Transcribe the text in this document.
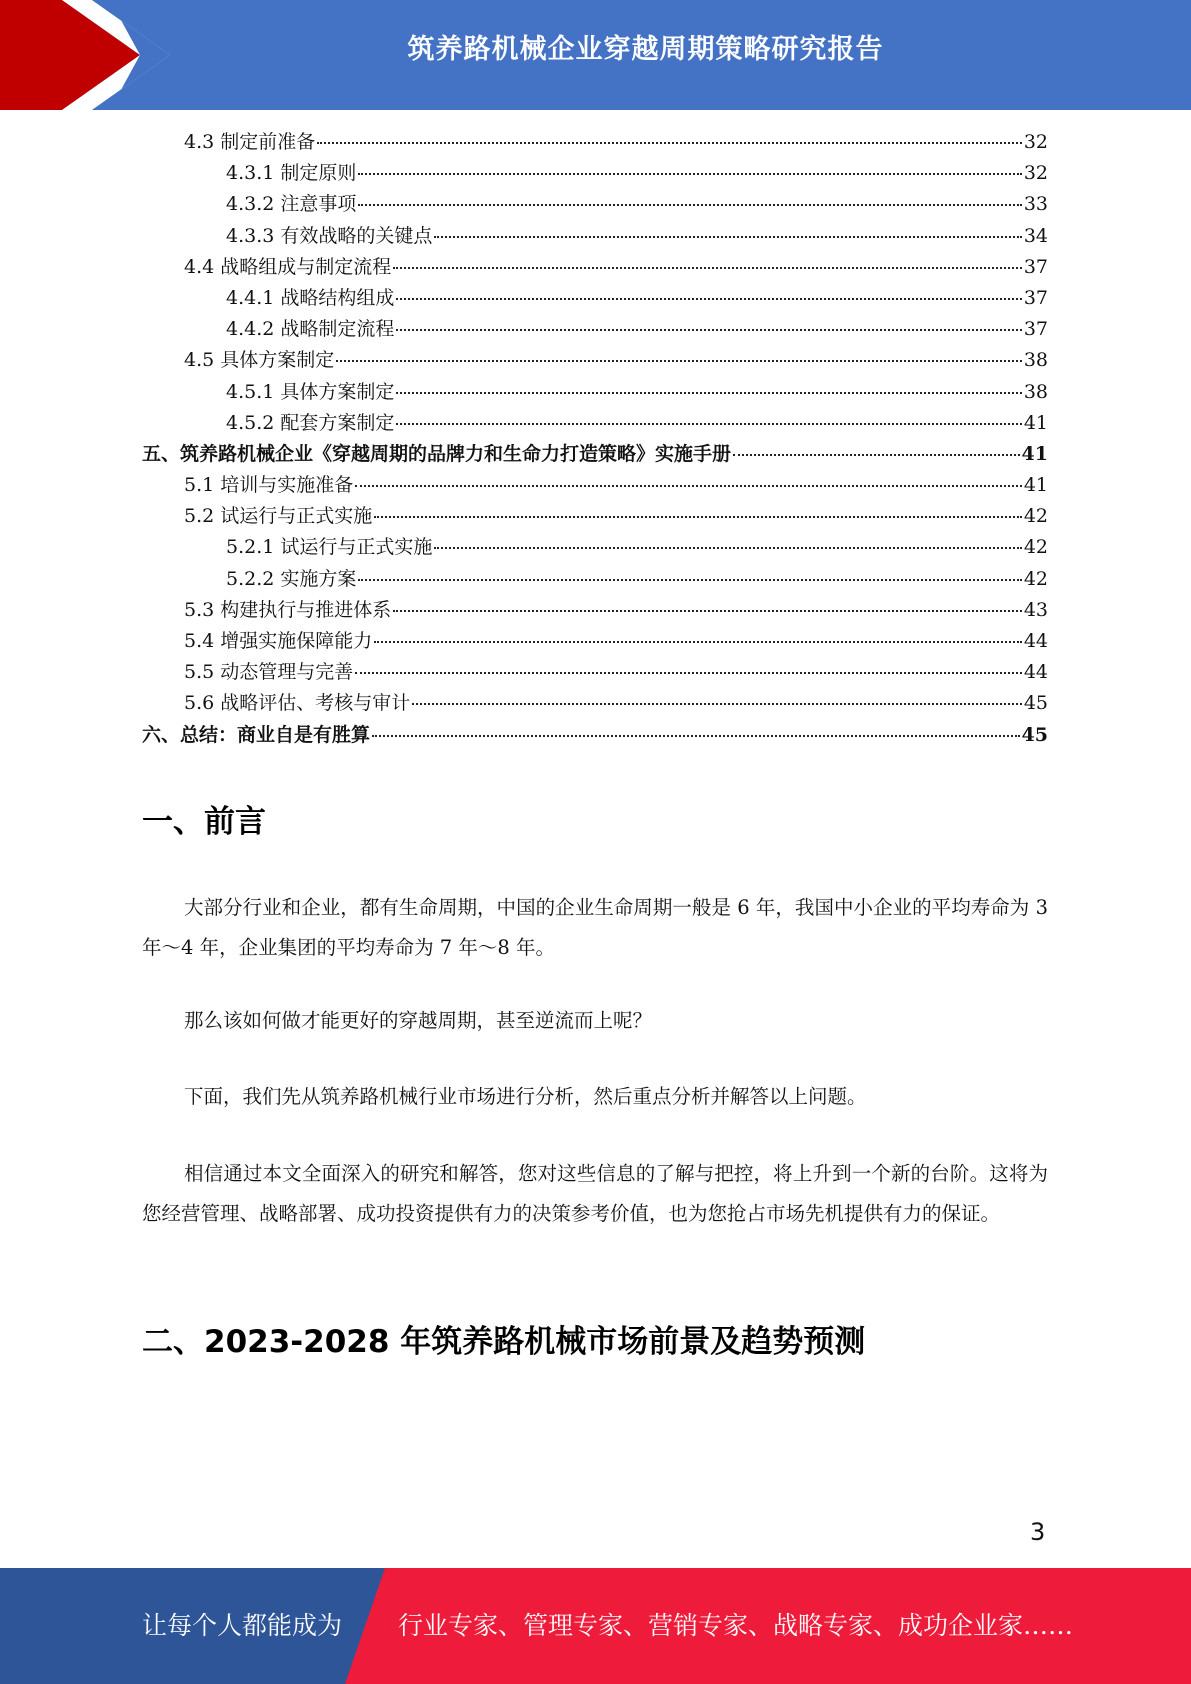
筑养路机械企业穿越周期策略研究报告
4.3 制定前准备	32
4.3.1 制定原则	32
4.3.2 注意事项	33
4.3.3 有效战略的关键点	34
4.4 战略组成与制定流程	37
4.4.1 战略结构组成	37
4.4.2 战略制定流程	37
4.5 具体方案制定	38
4.5.1 具体方案制定	38
4.5.2 配套方案制定	41
五、筑养路机械企业《穿越周期的品牌力和生命力打造策略》实施手册	41
5.1 培训与实施准备	41
5.2 试运行与正式实施	42
5.2.1 试运行与正式实施	42
5.2.2 实施方案	42
5.3 构建执行与推进体系	43
5.4 增强实施保障能力	44
5.5 动态管理与完善	44
5.6 战略评估、考核与审计	45
六、总结：商业自是有胜算	45
一、前言

大部分行业和企业，都有生命周期，中国的企业生命周期一般是 6 年，我国中小企业的平均寿命为 3 年～4 年，企业集团的平均寿命为 7 年～8 年。

那么该如何做才能更好的穿越周期，甚至逆流而上呢？

下面，我们先从筑养路机械行业市场进行分析，然后重点分析并解答以上问题。

相信通过本文全面深入的研究和解答，您对这些信息的了解与把控，将上升到一个新的台阶。这将为您经营管理、战略部署、成功投资提供有力的决策参考价值，也为您抢占市场先机提供有力的保证。

二、2023-2028 年筑养路机械市场前景及趋势预测
3
让每个人都能成为 行业专家、管理专家、营销专家、战略专家、成功企业家……
